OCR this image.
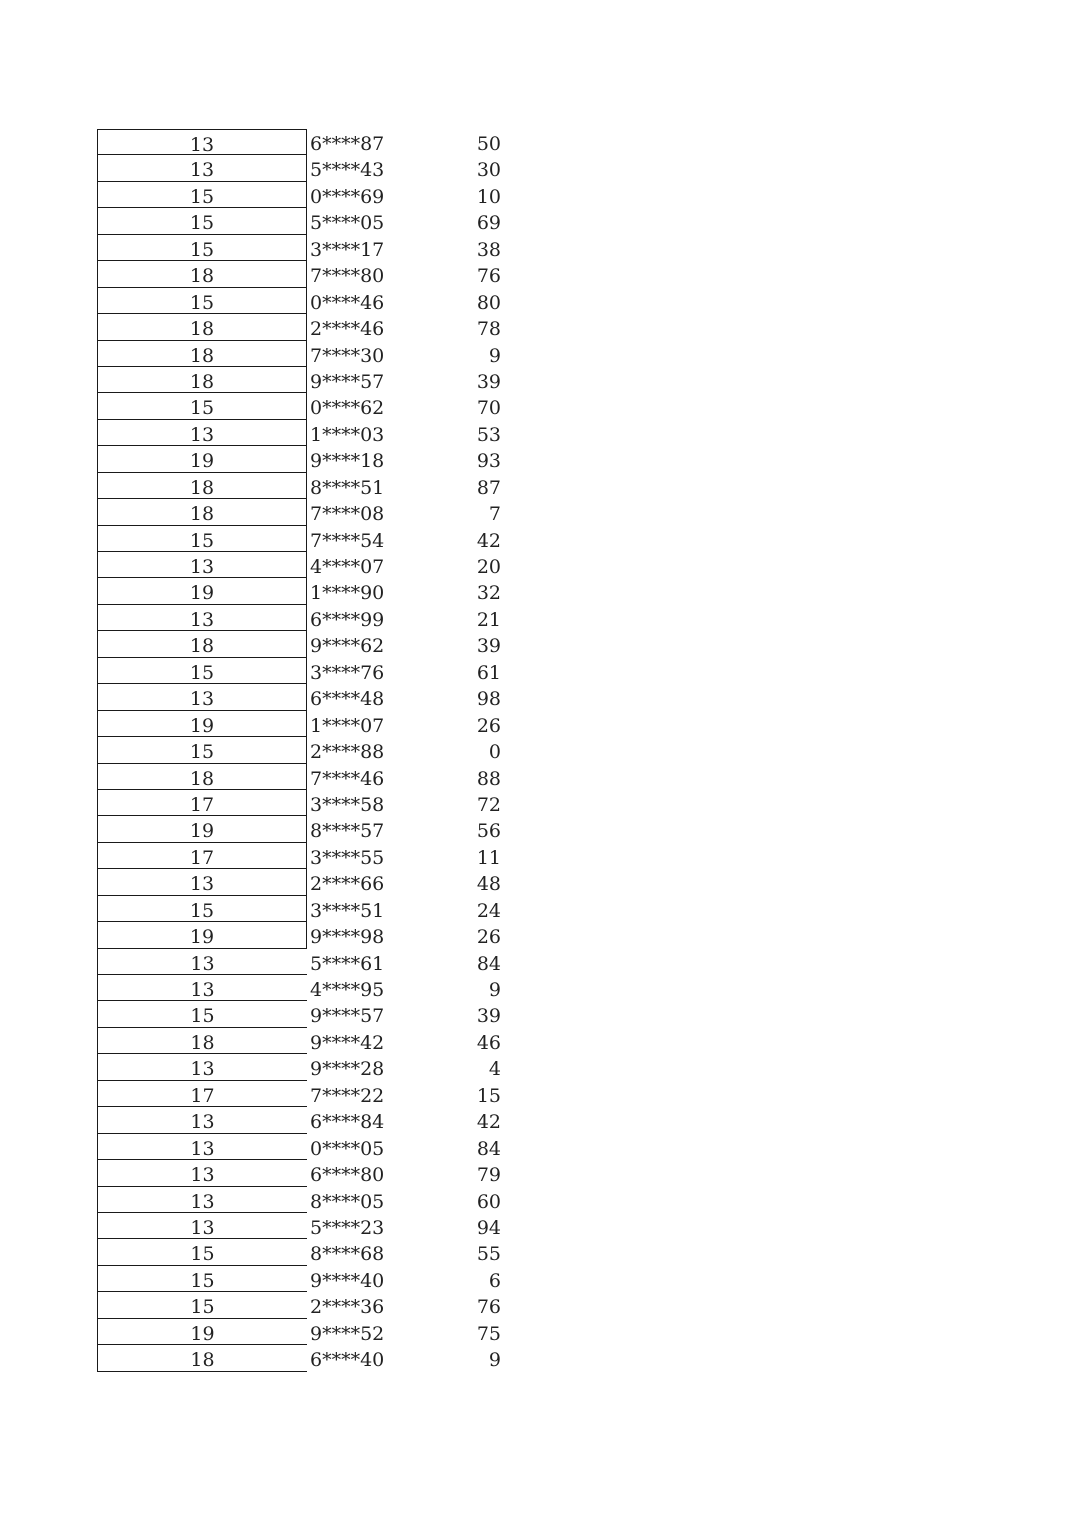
13	6****87	50
13	5****43	30
15	0****69	10
15	5****05	69
15	3****17	38
18	7****80	76
15	0****46	80
18	2****46	78
18	7****30	9
18	9****57	39
15	0****62	70
13	1****03	53
19	9****18	93
18	8****51	87
18	7****08	7
15	7****54	42
13	4****07	20
19	1****90	32
13	6****99	21
18	9****62	39
15	3****76	61
13	6****48	98
19	1****07	26
15	2****88	0
18	7****46	88
17	3****58	72
19	8****57	56
17	3****55	11
13	2****66	48
15	3****51	24
19	9****98	26
13	5****61	84
13	4****95	9
15	9****57	39
18	9****42	46
13	9****28	4
17	7****22	15
13	6****84	42
13	0****05	84
13	6****80	79
13	8****05	60
13	5****23	94
15	8****68	55
15	9****40	6
15	2****36	76
19	9****52	75
18	6****40	9
